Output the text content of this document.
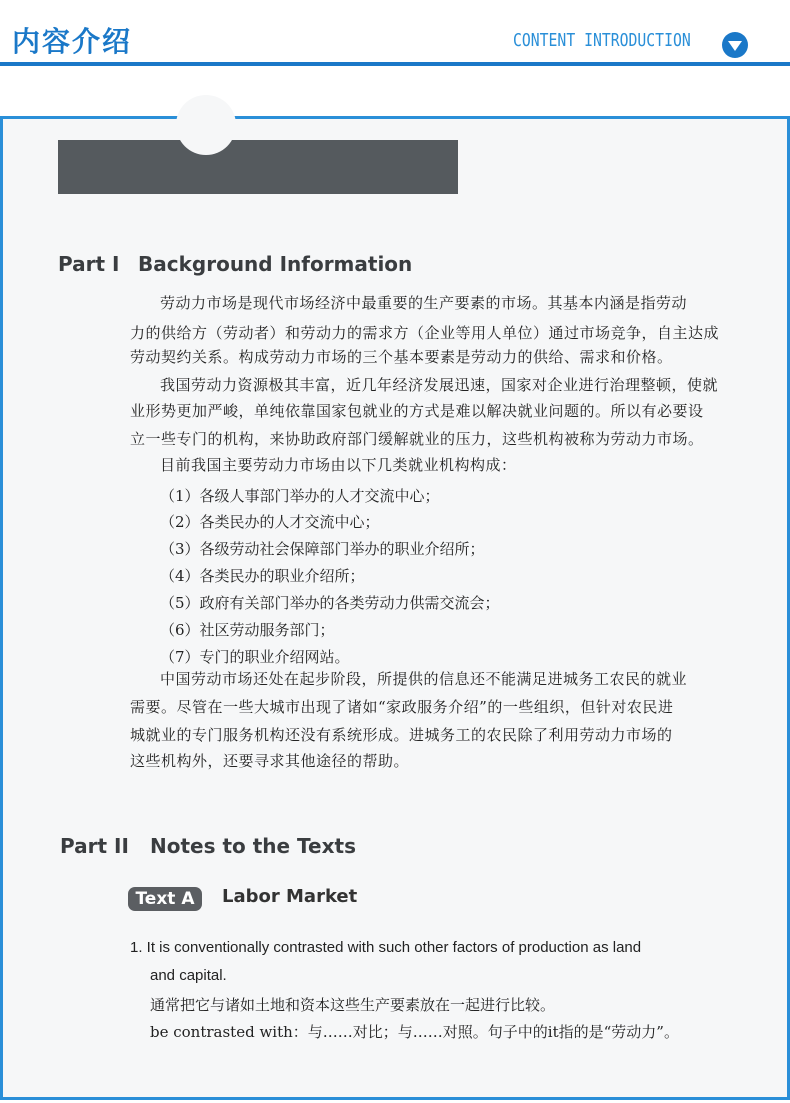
内容介绍	CONTENT INTRODUCTION
Part I Background Information
劳动力市场是现代市场经济中最重要的生产要素的市场。其基本内涵是指劳动
力的供给方（劳动者）和劳动力的需求方（企业等用人单位）通过市场竞争，自主达成
劳动契约关系。构成劳动力市场的三个基本要素是劳动力的供给、需求和价格。
我国劳动力资源极其丰富，近几年经济发展迅速，国家对企业进行治理整顿，使就
业形势更加严峻，单纯依靠国家包就业的方式是难以解决就业问题的。所以有必要设
立一些专门的机构，来协助政府部门缓解就业的压力，这些机构被称为劳动力市场。
目前我国主要劳动力市场由以下几类就业机构构成：
（1）各级人事部门举办的人才交流中心；
（2）各类民办的人才交流中心；
（3）各级劳动社会保障部门举办的职业介绍所；
（4）各类民办的职业介绍所；
（5）政府有关部门举办的各类劳动力供需交流会；
（6）社区劳动服务部门；
（7）专门的职业介绍网站。
中国劳动市场还处在起步阶段，所提供的信息还不能满足进城务工农民的就业
需要。尽管在一些大城市出现了诸如“家政服务介绍”的一些组织，但针对农民进
城就业的专门服务机构还没有系统形成。进城务工的农民除了利用劳动力市场的
这些机构外，还要寻求其他途径的帮助。
Part II Notes to the Texts
Text A	Labor Market
1. It is conventionally contrasted with such other factors of production as land
and capital.
通常把它与诸如土地和资本这些生产要素放在一起进行比较。
be contrasted with：与……对比；与……对照。句子中的it指的是“劳动力”。
